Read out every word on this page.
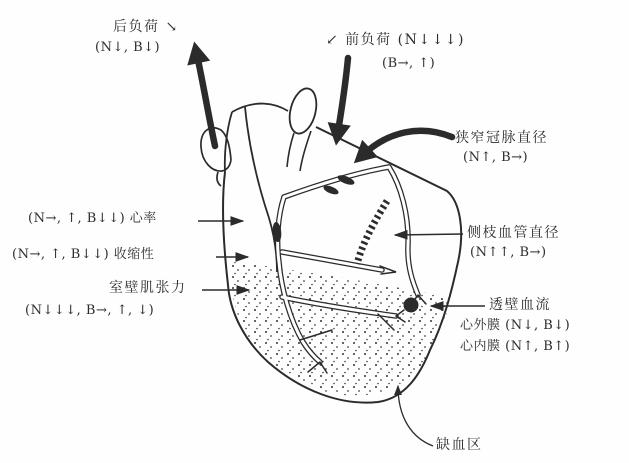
后负荷 ↘
(N↓, B↓)	↙ 前负荷 (N↓↓↓)
(B→, ↑)
狭窄冠脉直径
(N↑, B→)
侧枝血管直径
(N↑↑, B→)
透壁血流
心外膜 (N↓, B↓)
心内膜 (N↑, B↑)
(N→, ↑, B↓↓) 心率
(N→, ↑, B↓↓) 收缩性
室壁肌张力
(N↓↓↓, B→, ↑, ↓)
缺血区
